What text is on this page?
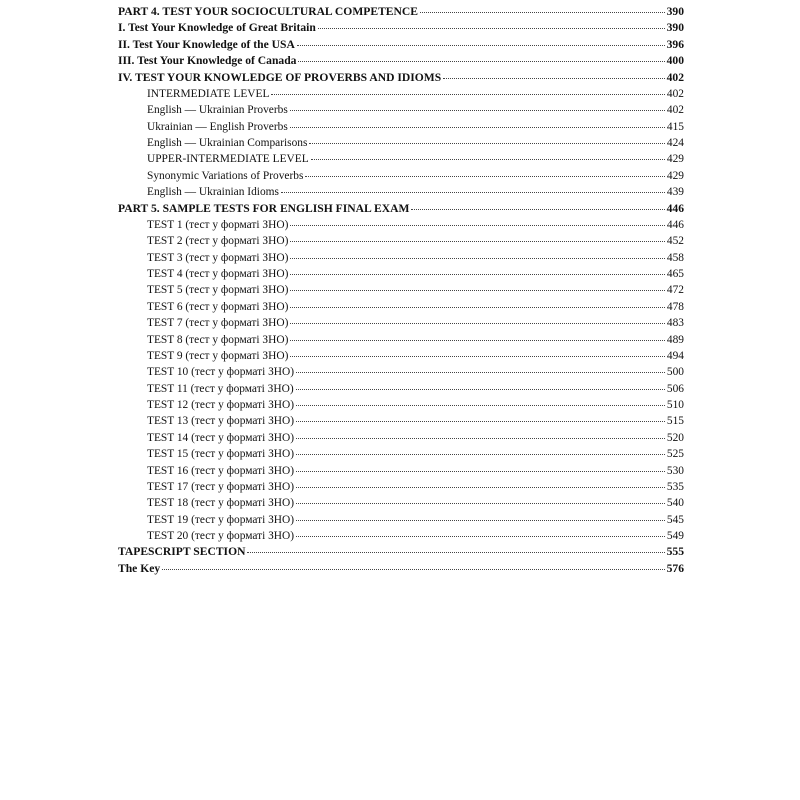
PART 4. TEST YOUR SOCIOCULTURAL COMPETENCE	390
I. Test Your Knowledge of Great Britain	390
II. Test Your Knowledge of the USA	396
III. Test Your Knowledge of Canada	400
IV. TEST YOUR KNOWLEDGE OF PROVERBS AND IDIOMS	402
INTERMEDIATE LEVEL	402
English — Ukrainian Proverbs	402
Ukrainian — English Proverbs	415
English — Ukrainian Comparisons	424
UPPER-INTERMEDIATE LEVEL	429
Synonymic Variations of Proverbs	429
English — Ukrainian Idioms	439
PART 5. SAMPLE TESTS FOR ENGLISH FINAL EXAM	446
TEST 1 (тест у форматі ЗНО)	446
TEST 2 (тест у форматі ЗНО)	452
TEST 3 (тест у форматі ЗНО)	458
TEST 4 (тест у форматі ЗНО)	465
TEST 5 (тест у форматі ЗНО)	472
TEST 6 (тест у форматі ЗНО)	478
TEST 7 (тест у форматі ЗНО)	483
TEST 8 (тест у форматі ЗНО)	489
TEST 9 (тест у форматі ЗНО)	494
TEST 10 (тест у форматі ЗНО)	500
TEST 11 (тест у форматі ЗНО)	506
TEST 12 (тест у форматі ЗНО)	510
TEST 13 (тест у форматі ЗНО)	515
TEST 14 (тест у форматі ЗНО)	520
TEST 15 (тест у форматі ЗНО)	525
TEST 16 (тест у форматі ЗНО)	530
TEST 17 (тест у форматі ЗНО)	535
TEST 18 (тест у форматі ЗНО)	540
TEST 19 (тест у форматі ЗНО)	545
TEST 20 (тест у форматі ЗНО)	549
TAPESCRIPT SECTION	555
The Key	576
